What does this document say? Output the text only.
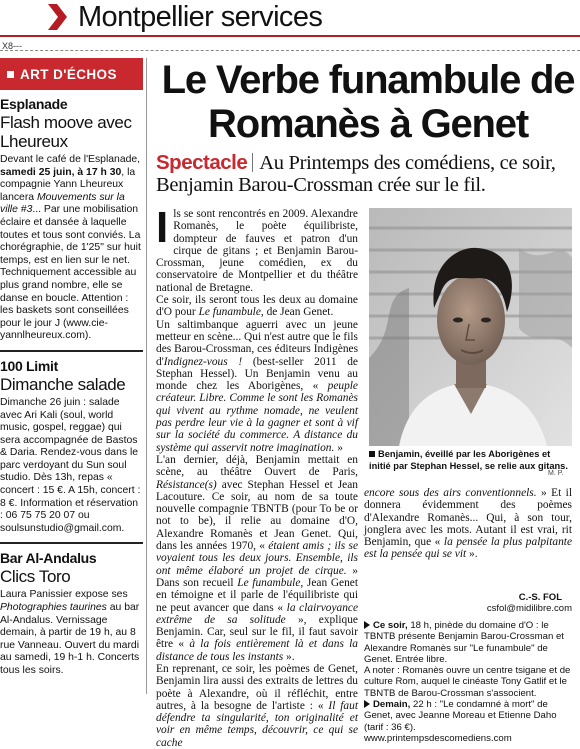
Montpellier services
X8---
ART D'ÉCHOS
Esplanade
Flash moove avec Lheureux
Devant le café de l'Esplanade, samedi 25 juin, à 17 h 30, la compagnie Yann Lheureux lancera Mouvements sur la ville #3... Par une mobilisation éclaire et dansée à laquelle toutes et tous sont conviés. La chorégraphie, de 1'25" sur huit temps, est en lien sur le net. Techniquement accessible au plus grand nombre, elle se danse en boucle. Attention : les baskets sont conseillées pour le jour J (www.cie-yannlheureux.com).
100 Limit
Dimanche salade
Dimanche 26 juin : salade avec Ari Kali (soul, world music, gospel, reggae) qui sera accompagnée de Bastos & Daria. Rendez-vous dans le parc verdoyant du Sun soul studio. Dès 13h, repas « concert : 15 €. A 15h, concert : 8 €. Information et réservation : 06 75 75 20 07 ou soulsunstudio@gmail.com.
Bar Al-Andalus
Clics Toro
Laura Panissier expose ses Photographies taurines au bar Al-Andalus. Vernissage demain, à partir de 19 h, au 8 rue Vanneau. Ouvert du mardi au samedi, 19 h-1 h. Concerts tous les soirs.
Le Verbe funambule de Romanès à Genet
Spectacle Au Printemps des comédiens, ce soir, Benjamin Barou-Crossman crée sur le fil.
I ls se sont rencontrés en 2009. Alexandre Romanès, le poète équilibriste, dompteur de fauves et patron d'un cirque de gitans ; et Benjamin Barou-Crossman, jeune comédien, ex du conservatoire de Montpellier et du théâtre national de Bretagne.
Ce soir, ils seront tous les deux au domaine d'O pour Le funambule, de Jean Genet.
Un saltimbanque aguerri avec un jeune metteur en scène... Qui n'est autre que le fils des Barou-Crossman, ces éditeurs Indigènes d'Indignez-vous ! (best-seller 2011 de Stephan Hessel). Un Benjamin venu au monde chez les Aborigènes, « peuple créateur. Libre. Comme le sont les Romanès qui vivent au rythme nomade, ne veulent pas perdre leur vie à la gagner et sont à vif sur la société du commerce. A distance du système qui asservit notre imagination. »
L'an dernier, déjà, Benjamin mettait en scène, au théâtre Ouvert de Paris, Résistance(s) avec Stephan Hessel et Jean Lacouture. Ce soir, au nom de sa toute nouvelle compagnie TBNTB (pour To be or not to be), il relie au domaine d'O, Alexandre Romanès et Jean Genet. Qui, dans les années 1970, « étaient amis ; ils se voyaient tous les deux jours. Ensemble, ils ont même élaboré un projet de cirque. » Dans son recueil Le funambule, Jean Genet en témoigne et il parle de l'équilibriste qui ne peut avancer que dans « la clairvoyance extrême de sa solitude », explique Benjamin. Car, seul sur le fil, il faut savoir être « à la fois entièrement là et dans la distance de tous les instants ».
En reprenant, ce soir, les poèmes de Genet, Benjamin lira aussi des extraits de lettres du poète à Alexandre, où il réfléchit, entre autres, à la besogne de l'artiste : « Il faut défendre ta singularité, ton originalité et voir en même temps, découvrir, ce qui se cache
Benjamin, éveillé par les Aborigènes et initié par Stephan Hessel, se relie aux gitans.
M. P.
encore sous des airs conventionnels. » Et il donnera évidemment des poèmes d'Alexandre Romanès... Qui, à son tour, jonglera avec les mots. Autant il est vrai, rit Benjamin, que « la pensée la plus palpitante est la pensée qui se vit ».
C.-S. FOL
csfol@midilibre.com
Ce soir, 18 h, pinède du domaine d'O : le TBNTB présente Benjamin Barou-Crossman et Alexandre Romanès sur "Le funambule" de Genet. Entrée libre.
A noter : Romanès ouvre un centre tsigane et de culture Rom, auquel le cinéaste Tony Gatlif et le TBNTB de Barou-Crossman s'associent.
Demain, 22 h : "Le condamné à mort" de Genet, avec Jeanne Moreau et Etienne Daho (tarif : 36 €).
www.printempsdescomediens.com
